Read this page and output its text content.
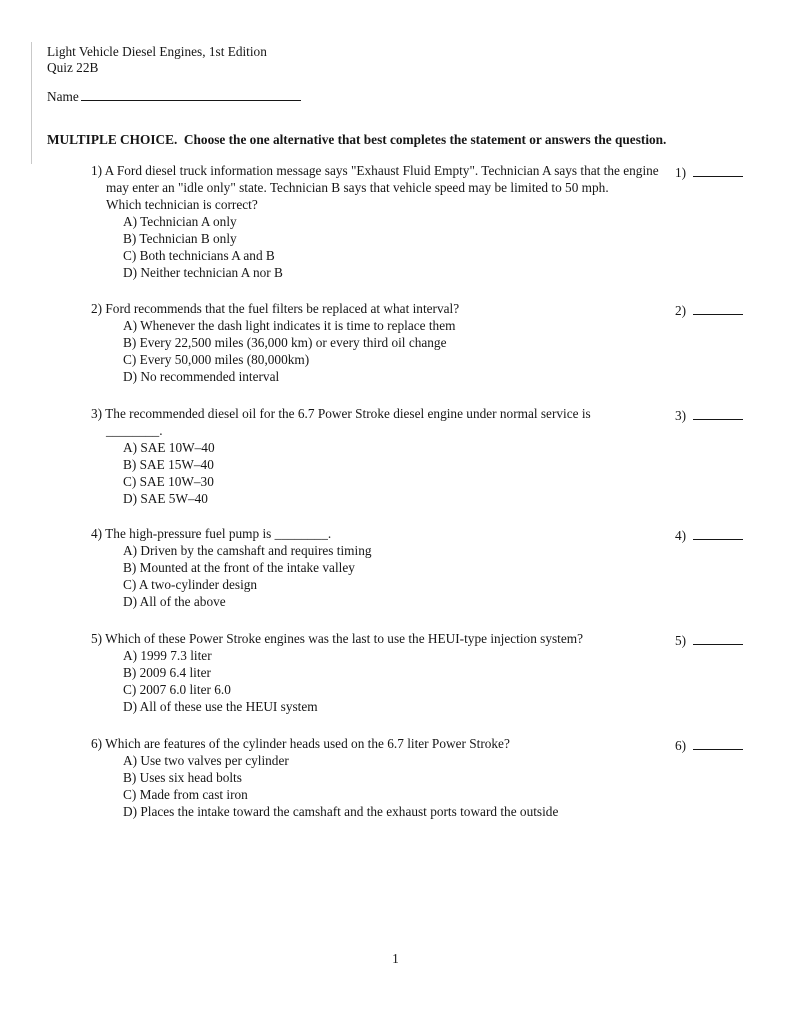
Light Vehicle Diesel Engines, 1st Edition
Quiz 22B
Name
MULTIPLE CHOICE.  Choose the one alternative that best completes the statement or answers the question.
1) A Ford diesel truck information message says "Exhaust Fluid Empty". Technician A says that the engine
may enter an "idle only" state. Technician B says that vehicle speed may be limited to 50 mph.
Which technician is correct?
A) Technician A only
B) Technician B only
C) Both technicians A and B
D) Neither technician A nor B
1)
2) Ford recommends that the fuel filters be replaced at what interval?
A) Whenever the dash light indicates it is time to replace them
B) Every 22,500 miles (36,000 km) or every third oil change
C) Every 50,000 miles (80,000km)
D) No recommended interval
2)
3) The recommended diesel oil for the 6.7 Power Stroke diesel engine under normal service is
________.
A) SAE 10W–40
B) SAE 15W–40
C) SAE 10W–30
D) SAE 5W–40
3)
4) The high-pressure fuel pump is ________.
A) Driven by the camshaft and requires timing
B) Mounted at the front of the intake valley
C) A two-cylinder design
D) All of the above
4)
5) Which of these Power Stroke engines was the last to use the HEUI-type injection system?
A) 1999 7.3 liter
B) 2009 6.4 liter
C) 2007 6.0 liter 6.0
D) All of these use the HEUI system
5)
6) Which are features of the cylinder heads used on the 6.7 liter Power Stroke?
A) Use two valves per cylinder
B) Uses six head bolts
C) Made from cast iron
D) Places the intake toward the camshaft and the exhaust ports toward the outside
6)
1
